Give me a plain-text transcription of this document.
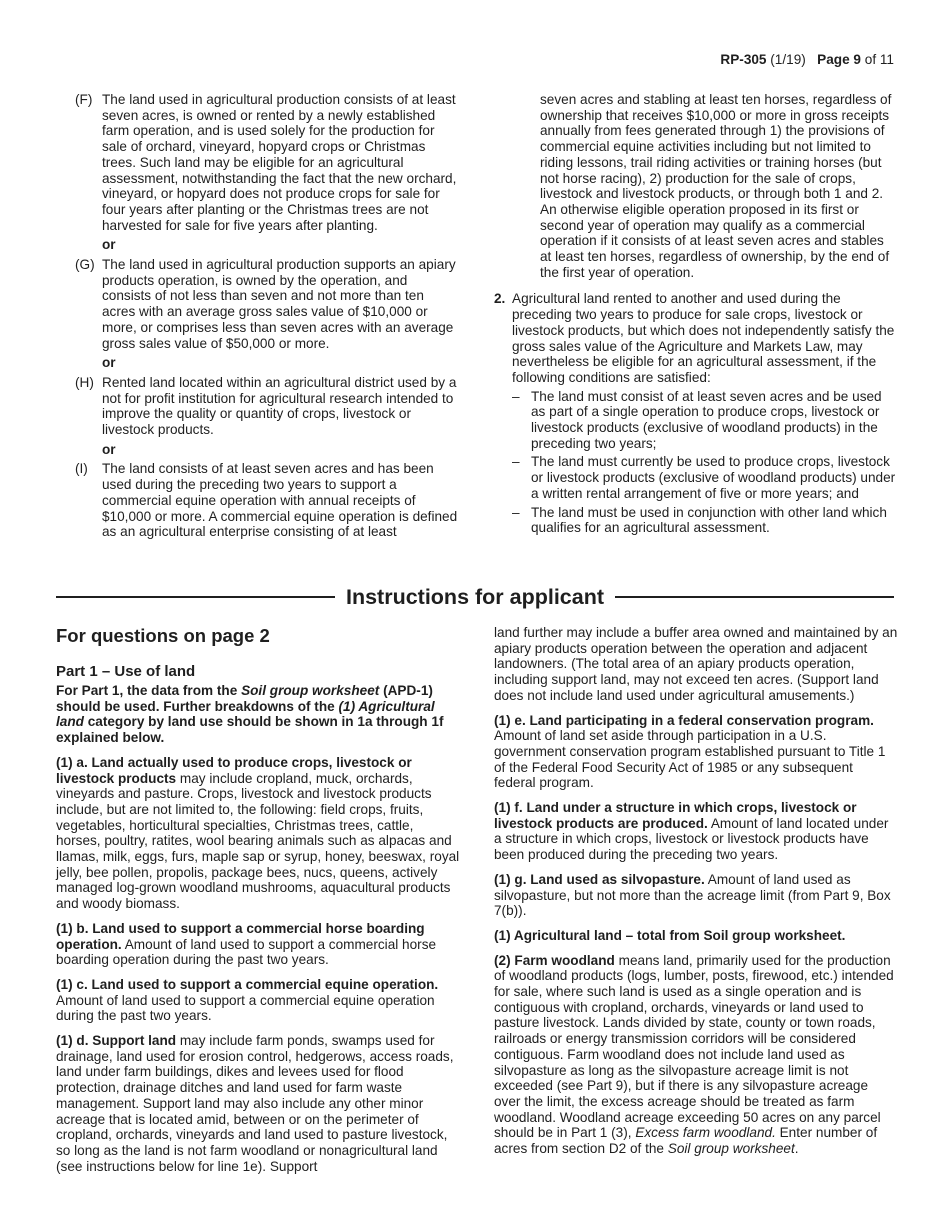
RP-305 (1/19) Page 9 of 11
(F) The land used in agricultural production consists of at least seven acres, is owned or rented by a newly established farm operation, and is used solely for the production for sale of orchard, vineyard, hopyard crops or Christmas trees. Such land may be eligible for an agricultural assessment, notwithstanding the fact that the new orchard, vineyard, or hopyard does not produce crops for sale for four years after planting or the Christmas trees are not harvested for sale for five years after planting.
or
(G) The land used in agricultural production supports an apiary products operation, is owned by the operation, and consists of not less than seven and not more than ten acres with an average gross sales value of $10,000 or more, or comprises less than seven acres with an average gross sales value of $50,000 or more.
or
(H) Rented land located within an agricultural district used by a not for profit institution for agricultural research intended to improve the quality or quantity of crops, livestock or livestock products.
or
(I)	The land consists of at least seven acres and has been used during the preceding two years to support a commercial equine operation with annual receipts of $10,000 or more. A commercial equine operation is defined as an agricultural enterprise consisting of at least
seven acres and stabling at least ten horses, regardless of ownership that receives $10,000 or more in gross receipts annually from fees generated through 1) the provisions of commercial equine activities including but not limited to riding lessons, trail riding activities or training horses (but not horse racing), 2) production for the sale of crops, livestock and livestock products, or through both 1 and 2. An otherwise eligible operation proposed in its first or second year of operation may qualify as a commercial operation if it consists of at least seven acres and stables at least ten horses, regardless of ownership, by the end of the first year of operation.
2. Agricultural land rented to another and used during the preceding two years to produce for sale crops, livestock or livestock products, but which does not independently satisfy the gross sales value of the Agriculture and Markets Law, may nevertheless be eligible for an agricultural assessment, if the following conditions are satisfied:
– The land must consist of at least seven acres and be used as part of a single operation to produce crops, livestock or livestock products (exclusive of woodland products) in the preceding two years;
– The land must currently be used to produce crops, livestock or livestock products (exclusive of woodland products) under a written rental arrangement of five or more years; and
– The land must be used in conjunction with other land which qualifies for an agricultural assessment.
Instructions for applicant
For questions on page 2
Part 1 – Use of land
For Part 1, the data from the Soil group worksheet (APD-1) should be used. Further breakdowns of the (1) Agricultural land category by land use should be shown in 1a through 1f explained below.
(1) a. Land actually used to produce crops, livestock or livestock products may include cropland, muck, orchards, vineyards and pasture. Crops, livestock and livestock products include, but are not limited to, the following: field crops, fruits, vegetables, horticultural specialties, Christmas trees, cattle, horses, poultry, ratites, wool bearing animals such as alpacas and llamas, milk, eggs, furs, maple sap or syrup, honey, beeswax, royal jelly, bee pollen, propolis, package bees, nucs, queens, actively managed log-grown woodland mushrooms, aquacultural products and woody biomass.
(1) b. Land used to support a commercial horse boarding operation. Amount of land used to support a commercial horse boarding operation during the past two years.
(1) c. Land used to support a commercial equine operation. Amount of land used to support a commercial equine operation during the past two years.
(1) d. Support land may include farm ponds, swamps used for drainage, land used for erosion control, hedgerows, access roads, land under farm buildings, dikes and levees used for flood protection, drainage ditches and land used for farm waste management. Support land may also include any other minor acreage that is located amid, between or on the perimeter of cropland, orchards, vineyards and land used to pasture livestock, so long as the land is not farm woodland or nonagricultural land (see instructions below for line 1e). Support
land further may include a buffer area owned and maintained by an apiary products operation between the operation and adjacent landowners. (The total area of an apiary products operation, including support land, may not exceed ten acres. (Support land does not include land used under agricultural amusements.)
(1) e. Land participating in a federal conservation program. Amount of land set aside through participation in a U.S. government conservation program established pursuant to Title 1 of the Federal Food Security Act of 1985 or any subsequent federal program.
(1) f. Land under a structure in which crops, livestock or livestock products are produced. Amount of land located under a structure in which crops, livestock or livestock products have been produced during the preceding two years.
(1) g. Land used as silvopasture. Amount of land used as silvopasture, but not more than the acreage limit (from Part 9, Box 7(b)).
(1) Agricultural land – total from Soil group worksheet.
(2) Farm woodland means land, primarily used for the production of woodland products (logs, lumber, posts, firewood, etc.) intended for sale, where such land is used as a single operation and is contiguous with cropland, orchards, vineyards or land used to pasture livestock. Lands divided by state, county or town roads, railroads or energy transmission corridors will be considered contiguous. Farm woodland does not include land used as silvopasture as long as the silvopasture acreage limit is not exceeded (see Part 9), but if there is any silvopasture acreage over the limit, the excess acreage should be treated as farm woodland. Woodland acreage exceeding 50 acres on any parcel should be in Part 1 (3), Excess farm woodland. Enter number of acres from section D2 of the Soil group worksheet.
